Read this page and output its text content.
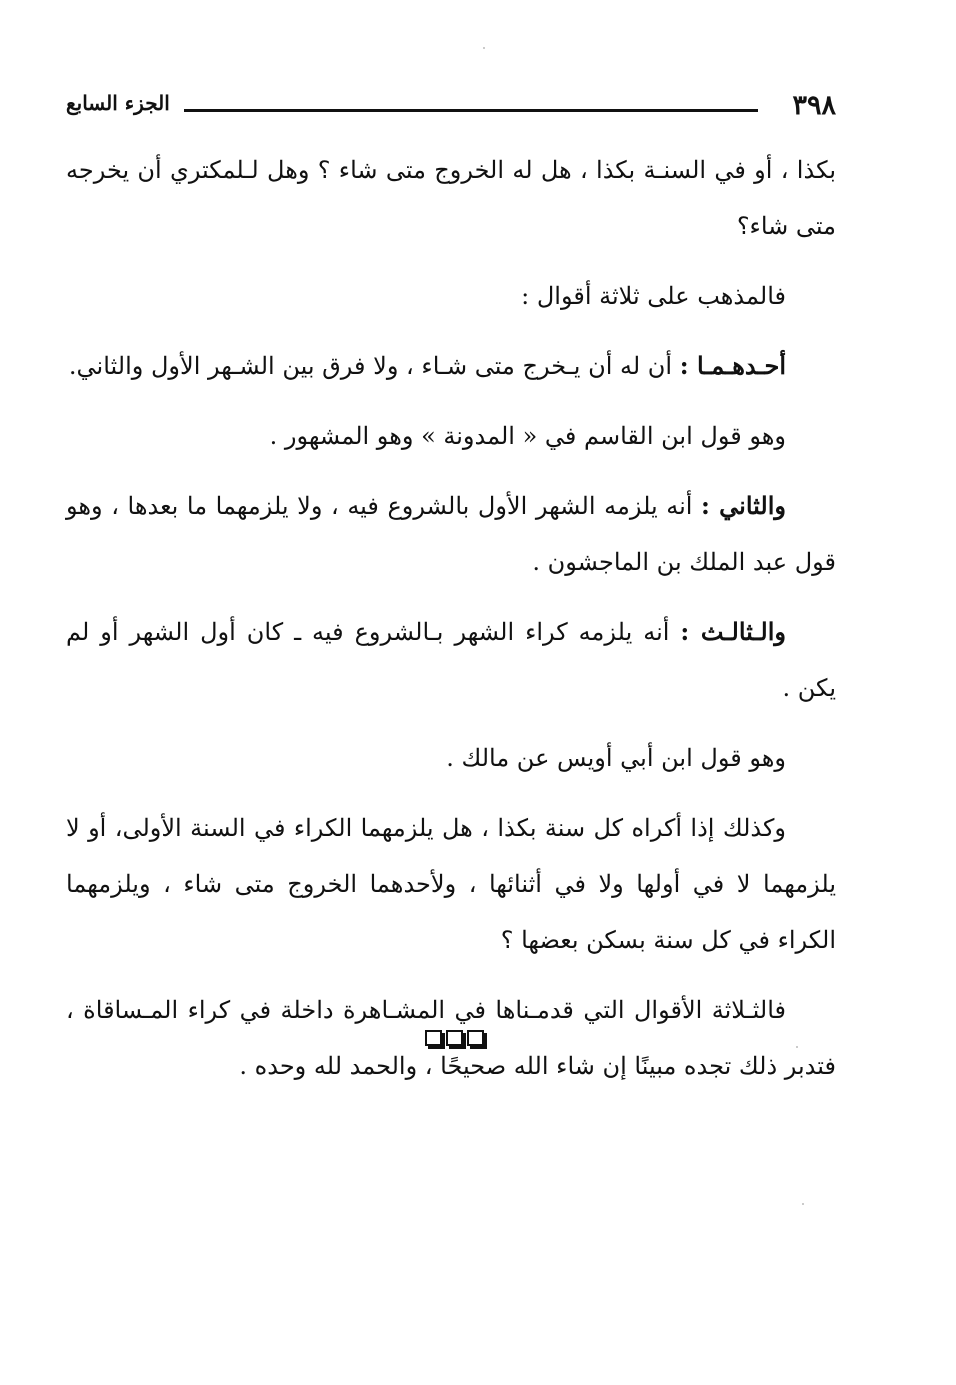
٣٩٨
الجزء السابع

بكذا ، أو في السنـة بكذا ، هل له الخروج متى شاء ؟ وهل لـلمكتري أن يخرجه متى شاء؟

فالمذهب على ثلاثة أقوال :

أحـدهـمـا : أن له أن يـخرج متى شـاء ، ولا فرق بين الشـهر الأول والثاني.

وهو قول ابن القاسم في « المدونة » وهو المشهور .

والثاني : أنه يلزمه الشهر الأول بالشروع فيه ، ولا يلزمهما ما بعدها ، وهو قول عبد الملك بن الماجشون .

والـثالـث : أنه يلزمه كراء الشهر بـالشروع فيه ـ كان أول الشهر أو لم يكن .

وهو قول ابن أبي أويس عن مالك .

وكذلك إذا أكراه كل سنة بكذا ، هل يلزمهما الكراء في السنة الأولى، أو لا يلزمهما لا في أولها ولا في أثنائها ، ولأحدهما الخروج متى شاء ، ويلزمهما الكراء في كل سنة بسكن بعضها ؟

فالثـلاثة الأقوال التي قدمـناها في المشـاهرة داخلة في كراء المـساقاة ، فتدبر ذلك تجده مبينًا إن شاء الله صحيحًا ، والحمد لله وحده .
